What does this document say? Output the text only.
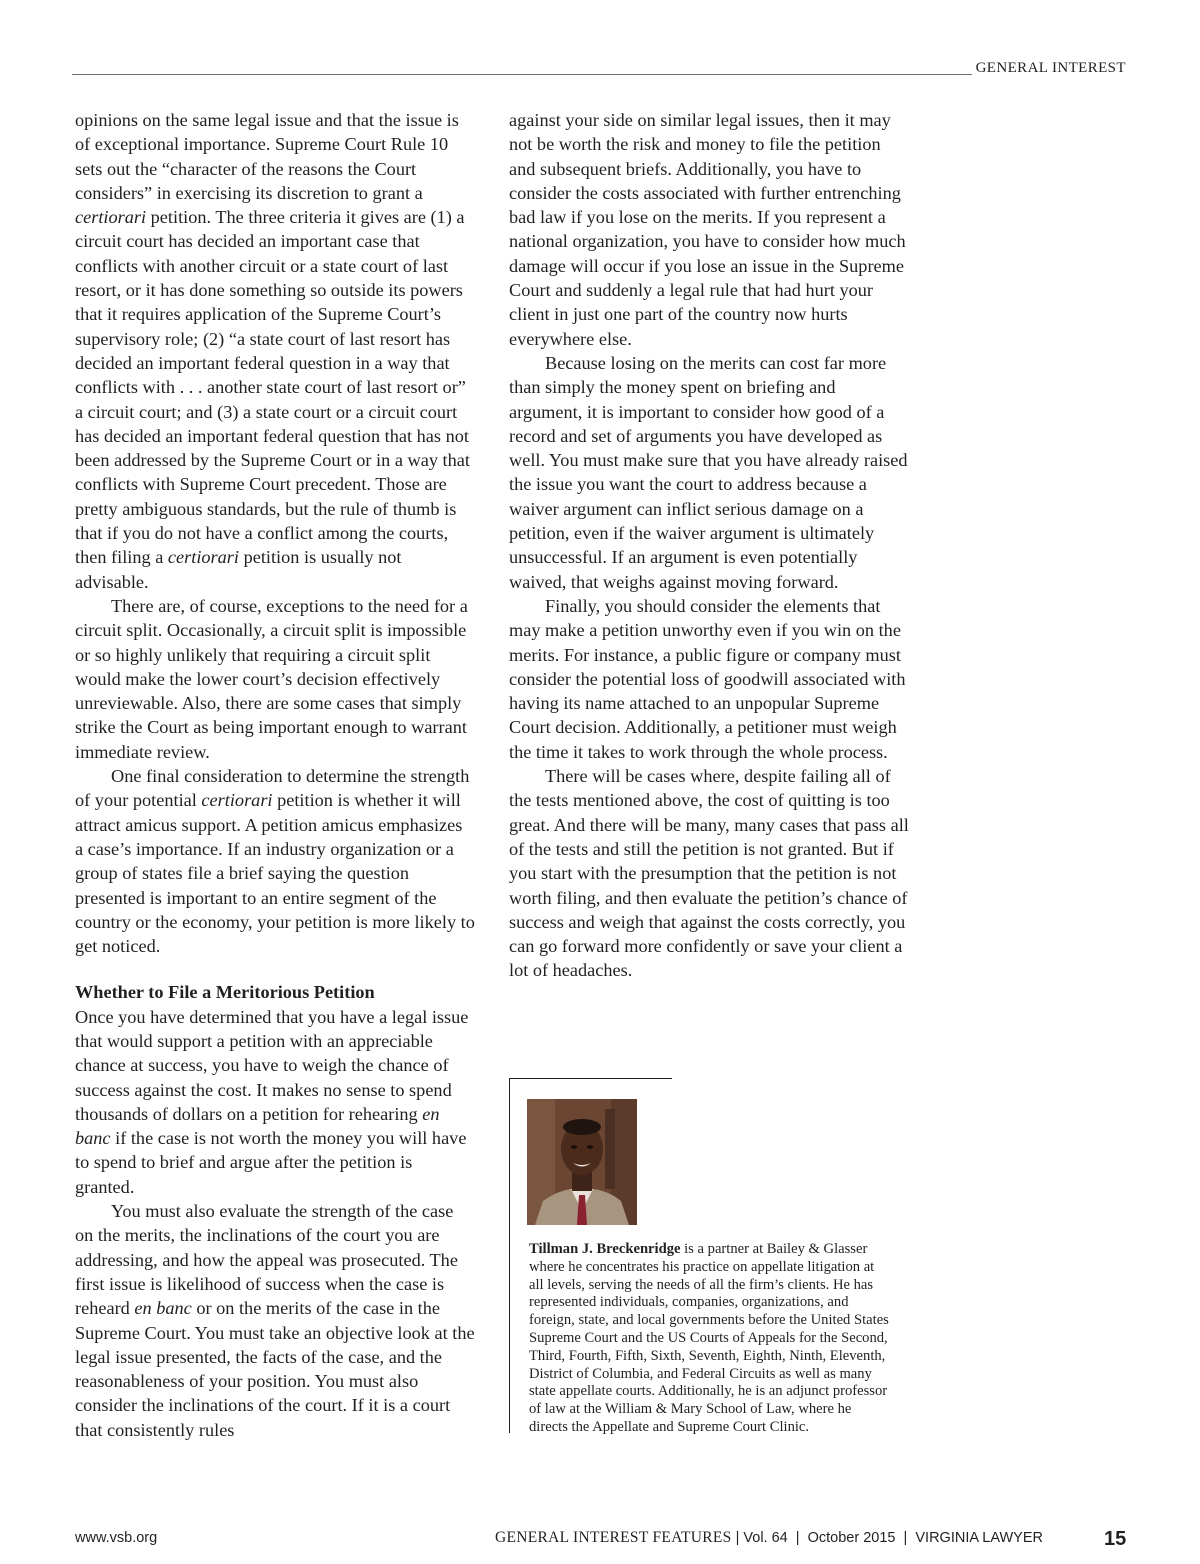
GENERAL INTEREST

opinions on the same legal issue and that the issue is of exceptional importance. Supreme Court Rule 10 sets out the “character of the reasons the Court considers” in exercising its discretion to grant a certiorari petition. The three criteria it gives are (1) a circuit court has decided an important case that conflicts with another circuit or a state court of last resort, or it has done something so outside its powers that it requires application of the Supreme Court’s supervisory role; (2) “a state court of last resort has decided an important federal question in a way that conflicts with . . . another state court of last resort or” a circuit court; and (3) a state court or a circuit court has decided an important federal question that has not been addressed by the Supreme Court or in a way that conflicts with Supreme Court precedent. Those are pretty ambiguous standards, but the rule of thumb is that if you do not have a conflict among the courts, then filing a certiorari petition is usually not advisable.

There are, of course, exceptions to the need for a circuit split. Occasionally, a circuit split is impossible or so highly unlikely that requiring a circuit split would make the lower court’s decision effectively unreviewable. Also, there are some cases that simply strike the Court as being important enough to warrant immediate review.

One final consideration to determine the strength of your potential certiorari petition is whether it will attract amicus support. A petition amicus emphasizes a case’s importance. If an industry organization or a group of states file a brief saying the question presented is important to an entire segment of the country or the economy, your petition is more likely to get noticed.

Whether to File a Meritorious Petition

Once you have determined that you have a legal issue that would support a petition with an appreciable chance at success, you have to weigh the chance of success against the cost. It makes no sense to spend thousands of dollars on a petition for rehearing en banc if the case is not worth the money you will have to spend to brief and argue after the petition is granted.

You must also evaluate the strength of the case on the merits, the inclinations of the court you are addressing, and how the appeal was prosecuted. The first issue is likelihood of success when the case is reheard en banc or on the merits of the case in the Supreme Court. You must take an objective look at the legal issue presented, the facts of the case, and the reasonableness of your position. You must also consider the inclinations of the court. If it is a court that consistently rules

against your side on similar legal issues, then it may not be worth the risk and money to file the petition and subsequent briefs. Additionally, you have to consider the costs associated with further entrenching bad law if you lose on the merits. If you represent a national organization, you have to consider how much damage will occur if you lose an issue in the Supreme Court and suddenly a legal rule that had hurt your client in just one part of the country now hurts everywhere else.

Because losing on the merits can cost far more than simply the money spent on briefing and argument, it is important to consider how good of a record and set of arguments you have developed as well. You must make sure that you have already raised the issue you want the court to address because a waiver argument can inflict serious damage on a petition, even if the waiver argument is ultimately unsuccessful. If an argument is even potentially waived, that weighs against moving forward.

Finally, you should consider the elements that may make a petition unworthy even if you win on the merits. For instance, a public figure or company must consider the potential loss of goodwill associated with having its name attached to an unpopular Supreme Court decision. Additionally, a petitioner must weigh the time it takes to work through the whole process.

There will be cases where, despite failing all of the tests mentioned above, the cost of quitting is too great. And there will be many, many cases that pass all of the tests and still the petition is not granted. But if you start with the presumption that the petition is not worth filing, and then evaluate the petition’s chance of success and weigh that against the costs correctly, you can go forward more confidently or save your client a lot of headaches.

Tillman J. Breckenridge is a partner at Bailey & Glasser where he concentrates his practice on appellate litigation at all levels, serving the needs of all the firm’s clients. He has represented individuals, companies, organizations, and foreign, state, and local governments before the United States Supreme Court and the US Courts of Appeals for the Second, Third, Fourth, Fifth, Sixth, Seventh, Eighth, Ninth, Eleventh, District of Columbia, and Federal Circuits as well as many state appellate courts. Additionally, he is an adjunct professor of law at the William & Mary School of Law, where he directs the Appellate and Supreme Court Clinic.
www.vsb.org	GENERAL INTEREST FEATURES | Vol. 64  |  October 2015  |  VIRGINIA LAWYER	15
